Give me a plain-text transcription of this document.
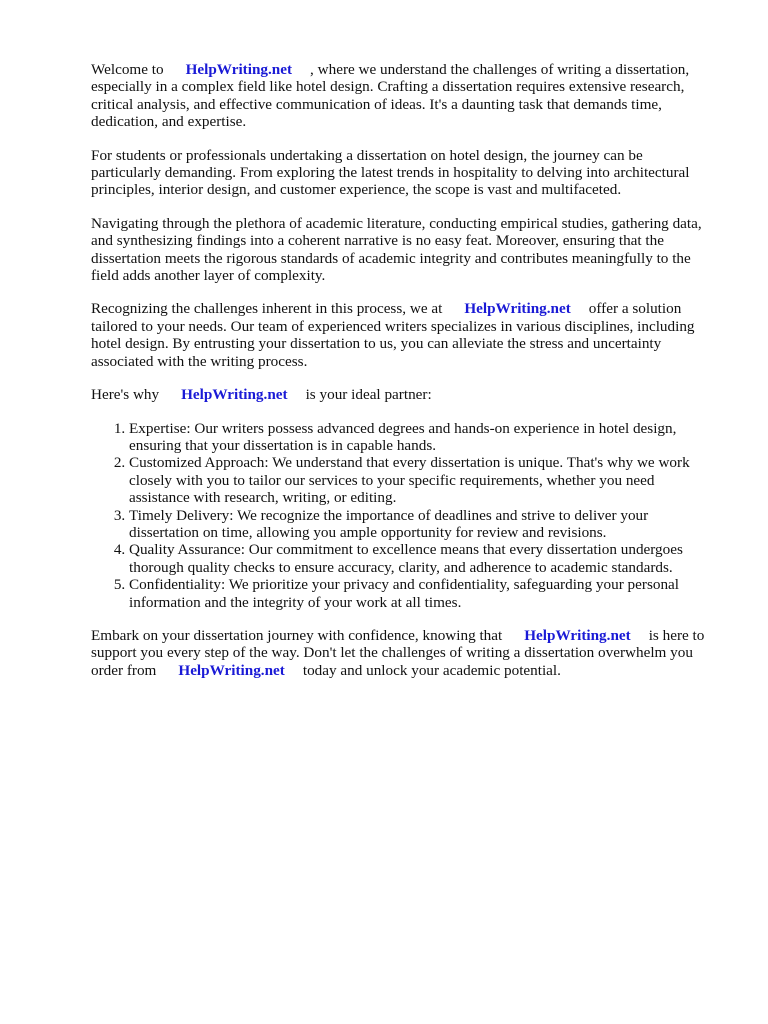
Welcome to HelpWriting.net , where we understand the challenges of writing a dissertation, especially in a complex field like hotel design. Crafting a dissertation requires extensive research, critical analysis, and effective communication of ideas. It's a daunting task that demands time, dedication, and expertise.

For students or professionals undertaking a dissertation on hotel design, the journey can be particularly demanding. From exploring the latest trends in hospitality to delving into architectural principles, interior design, and customer experience, the scope is vast and multifaceted.

Navigating through the plethora of academic literature, conducting empirical studies, gathering data, and synthesizing findings into a coherent narrative is no easy feat. Moreover, ensuring that the dissertation meets the rigorous standards of academic integrity and contributes meaningfully to the field adds another layer of complexity.

Recognizing the challenges inherent in this process, we at HelpWriting.net offer a solution tailored to your needs. Our team of experienced writers specializes in various disciplines, including hotel design. By entrusting your dissertation to us, you can alleviate the stress and uncertainty associated with the writing process.

Here's why HelpWriting.net is your ideal partner:

1. Expertise: Our writers possess advanced degrees and hands-on experience in hotel design, ensuring that your dissertation is in capable hands.
2. Customized Approach: We understand that every dissertation is unique. That's why we work closely with you to tailor our services to your specific requirements, whether you need assistance with research, writing, or editing.
3. Timely Delivery: We recognize the importance of deadlines and strive to deliver your dissertation on time, allowing you ample opportunity for review and revisions.
4. Quality Assurance: Our commitment to excellence means that every dissertation undergoes thorough quality checks to ensure accuracy, clarity, and adherence to academic standards.
5. Confidentiality: We prioritize your privacy and confidentiality, safeguarding your personal information and the integrity of your work at all times.

Embark on your dissertation journey with confidence, knowing that HelpWriting.net is here to support you every step of the way. Don't let the challenges of writing a dissertation overwhelm you order from HelpWriting.net today and unlock your academic potential.
